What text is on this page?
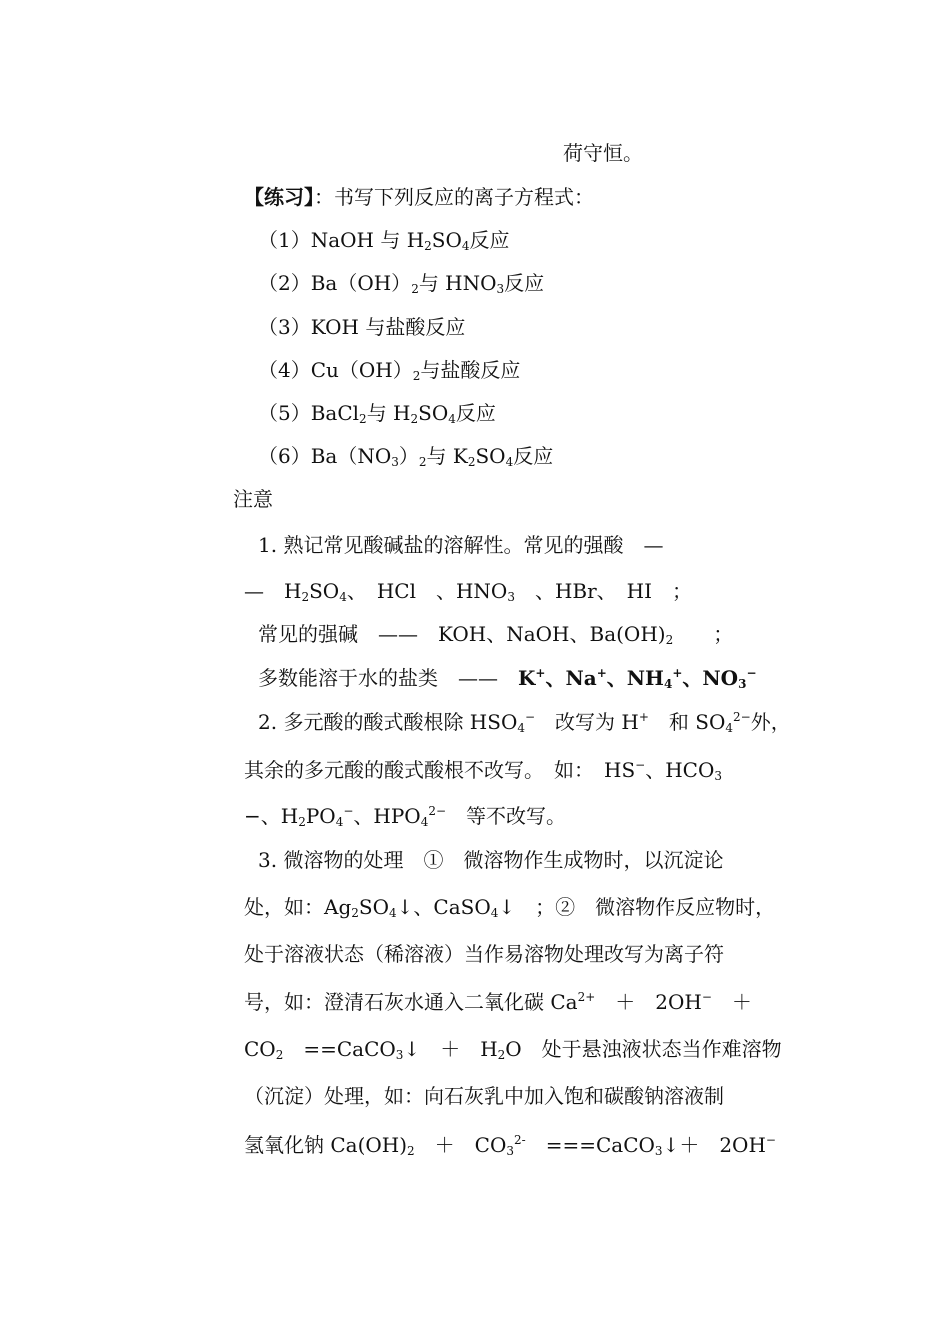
荷守恒。
【练习】：书写下列反应的离子方程式：
（1）NaOH 与 $H_2SO_4$反应
$(2)Ba(OH)_2$与 $HNO_3$反应
（3）KOH 与盐酸反应
$(4)Cu(OH)_2$与盐酸反应
（5）BaCl$_2$与 $H_2SO_4$反应
$(6)Ba(NO_3)_2$与 $K_2SO_4$反应
注意
1. 熟记常见酸碱盐的溶解性。常见的强酸　—
—　$H_2SO_4$、　HCl　、$HNO_3$　、HBr、　HI　；
常见的强碱　——　KOH、NaOH、$Ba(OH)_2$　　；
多数能溶于水的盐类　——　K+、Na+、NH4+、NO3−
2. 多元酸的酸式酸根除 $HSO_4^-$　改写为 H+　和 $SO_4^{2-}$外，
其余的多元酸的酸式酸根不改写。　如：　HS−、$HCO_3$
−、$H_2PO_4^-$、$HPO_4^{2-}$　等不改写。
3. 微溶物的处理　①　微溶物作生成物时，以沉淀论
处，如：$Ag_2SO_4↓$、CaSO$_4$↓　；②　微溶物作反应物时，
处于溶液状态（稀溶液）当作易溶物处理改写为离子符
号，如：澄清石灰水通入二氧化碳 $Ca^{2+}$　＋　2OH−　＋
$CO_2$　==CaCO$_3$↓　＋　$H_2O$　处于悬浊液状态当作难溶物
（沉淀）处理，如：向石灰乳中加入饱和碳酸钠溶液制
氢氧化钠 $Ca(OH)_2$　＋　$CO_3^{2-}$　===CaCO$_3$↓＋　2OH−
